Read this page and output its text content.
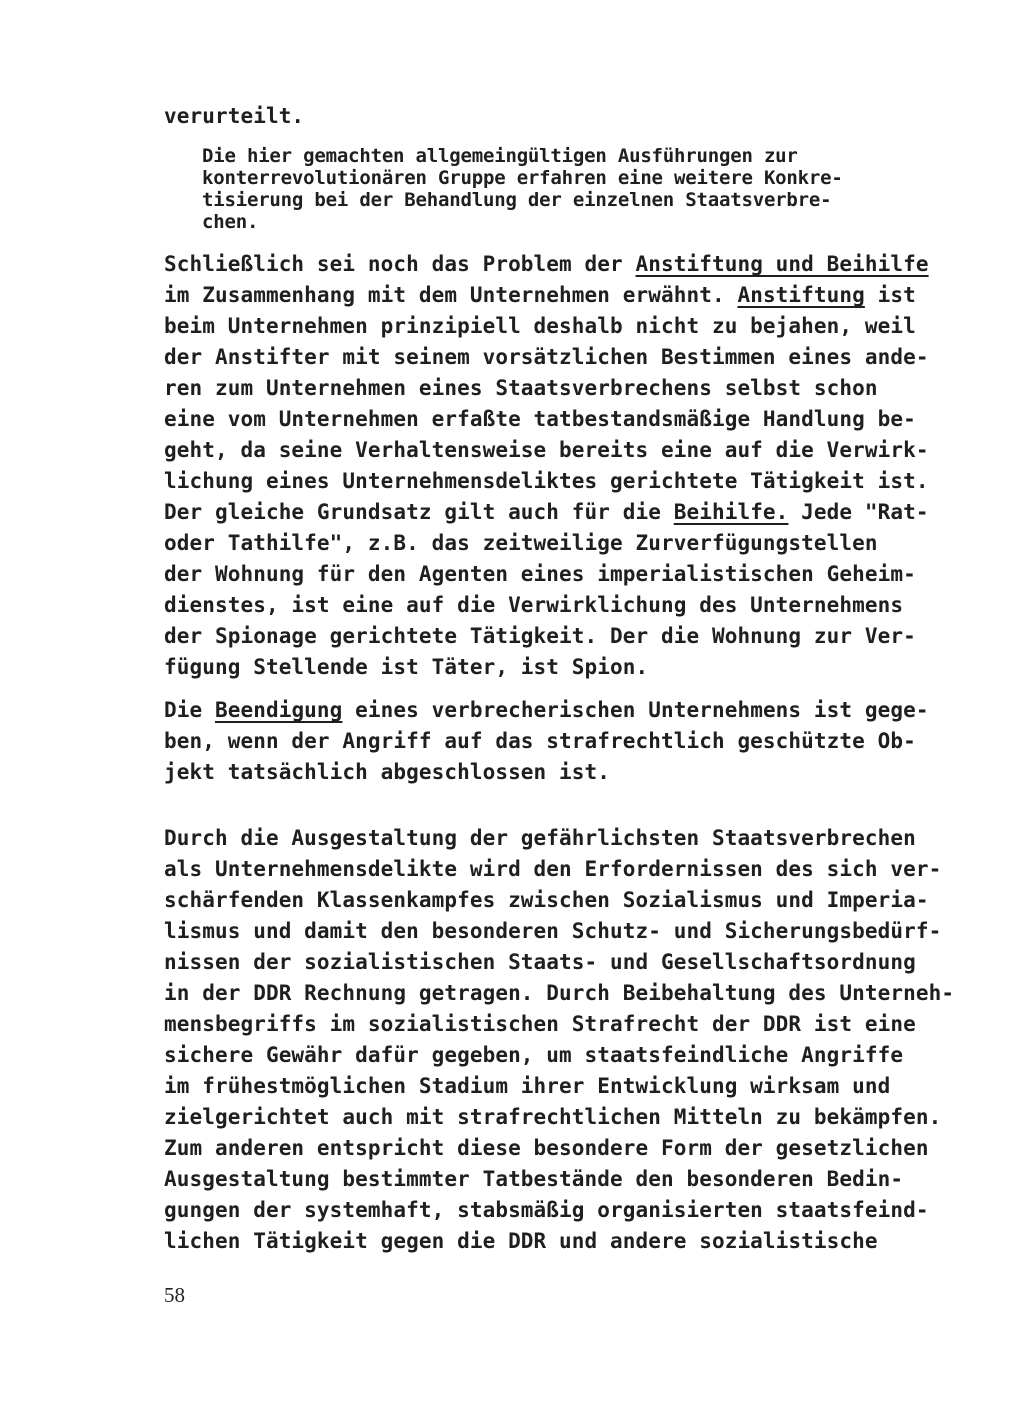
verurteilt.
Die hier gemachten allgemeingültigen Ausführungen zur
konterrevolutionären Gruppe erfahren eine weitere Konkre-
tisierung bei der Behandlung der einzelnen Staatsverbre-
chen.
Schließlich sei noch das Problem der Anstiftung und Beihilfe
im Zusammenhang mit dem Unternehmen erwähnt. Anstiftung ist
beim Unternehmen prinzipiell deshalb nicht zu bejahen, weil
der Anstifter mit seinem vorsätzlichen Bestimmen eines ande-
ren zum Unternehmen eines Staatsverbrechens selbst schon
eine vom Unternehmen erfaßte tatbestandsmäßige Handlung be-
geht, da seine Verhaltensweise bereits eine auf die Verwirk-
lichung eines Unternehmensdeliktes gerichtete Tätigkeit ist.
Der gleiche Grundsatz gilt auch für die Beihilfe. Jede "Rat-
oder Tathilfe", z.B. das zeitweilige Zurverfügungstellen
der Wohnung für den Agenten eines imperialistischen Geheim-
dienstes, ist eine auf die Verwirklichung des Unternehmens
der Spionage gerichtete Tätigkeit. Der die Wohnung zur Ver-
fügung Stellende ist Täter, ist Spion.
Die Beendigung eines verbrecherischen Unternehmens ist gege-
ben, wenn der Angriff auf das strafrechtlich geschützte Ob-
jekt tatsächlich abgeschlossen ist.
Durch die Ausgestaltung der gefährlichsten Staatsverbrechen
als Unternehmensdelikte wird den Erfordernissen des sich ver-
schärfenden Klassenkampfes zwischen Sozialismus und Imperia-
lismus und damit den besonderen Schutz- und Sicherungsbedürf-
nissen der sozialistischen Staats- und Gesellschaftsordnung
in der DDR Rechnung getragen. Durch Beibehaltung des Unterneh-
mensbegriffs im sozialistischen Strafrecht der DDR ist eine
sichere Gewähr dafür gegeben, um staatsfeindliche Angriffe
im frühestmöglichen Stadium ihrer Entwicklung wirksam und
zielgerichtet auch mit strafrechtlichen Mitteln zu bekämpfen.
Zum anderen entspricht diese besondere Form der gesetzlichen
Ausgestaltung bestimmter Tatbestände den besonderen Bedin-
gungen der systemhaft, stabsmäßig organisierten staatsfeind-
lichen Tätigkeit gegen die DDR und andere sozialistische
58
